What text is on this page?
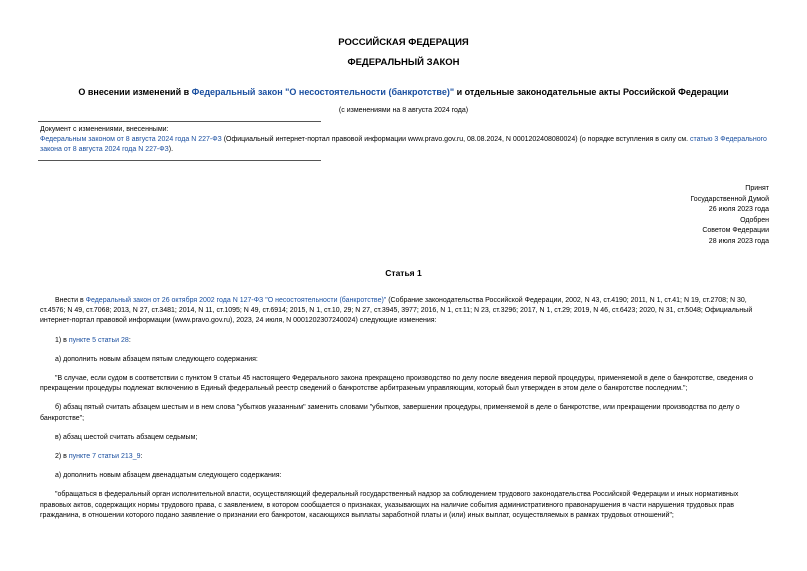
РОССИЙСКАЯ ФЕДЕРАЦИЯ
ФЕДЕРАЛЬНЫЙ ЗАКОН
О внесении изменений в Федеральный закон "О несостоятельности (банкротстве)" и отдельные законодательные акты Российской Федерации
(с изменениями на 8 августа 2024 года)

Документ с изменениями, внесенными:

Федеральным законом от 8 августа 2024 года N 227-ФЗ (Официальный интернет-портал правовой информации www.pravo.gov.ru, 08.08.2024, N 0001202408080024) (о порядке вступления в силу см. статью 3 Федерального закона от 8 августа 2024 года N 227-ФЗ).

Принят
Государственной Думой
26 июля 2023 года
Одобрен
Советом Федерации
28 июля 2023 года
Статья 1

Внести в Федеральный закон от 26 октября 2002 года N 127-ФЗ "О несостоятельности (банкротстве)" (Собрание законодательства Российской Федерации, 2002, N 43, ст.4190; 2011, N 1, ст.41; N 19, ст.2708; N 30, ст.4576; N 49, ст.7068; 2013, N 27, ст.3481; 2014, N 11, ст.1095; N 49, ст.6914; 2015, N 1, ст.10, 29; N 27, ст.3945, 3977; 2016, N 1, ст.11; N 23, ст.3296; 2017, N 1, ст.29; 2019, N 46, ст.6423; 2020, N 31, ст.5048; Официальный интернет-портал правовой информации (www.pravo.gov.ru), 2023, 24 июля, N 0001202307240024) следующие изменения:

1) в пункте 5 статьи 28:

а) дополнить новым абзацем пятым следующего содержания:

"В случае, если судом в соответствии с пунктом 9 статьи 45 настоящего Федерального закона прекращено производство по делу после введения первой процедуры, применяемой в деле о банкротстве, сведения о прекращении процедуры подлежат включению в Единый федеральный реестр сведений о банкротстве арбитражным управляющим, который был утвержден в этом деле о банкротстве последним.";

б) абзац пятый считать абзацем шестым и в нем слова "убытков указанным" заменить словами "убытков, завершении процедуры, применяемой в деле о банкротстве, или прекращении производства по делу о банкротстве";

в) абзац шестой считать абзацем седьмым;

2) в пункте 7 статьи 213_9:

а) дополнить новым абзацем двенадцатым следующего содержания:

"обращаться в федеральный орган исполнительной власти, осуществляющий федеральный государственный надзор за соблюдением трудового законодательства Российской Федерации и иных нормативных правовых актов, содержащих нормы трудового права, с заявлением, в котором сообщается о признаках, указывающих на наличие события административного правонарушения в части нарушения трудовых прав гражданина, в отношении которого подано заявление о признании его банкротом, касающихся выплаты заработной платы и (или) иных выплат, осуществляемых в рамках трудовых отношений";
